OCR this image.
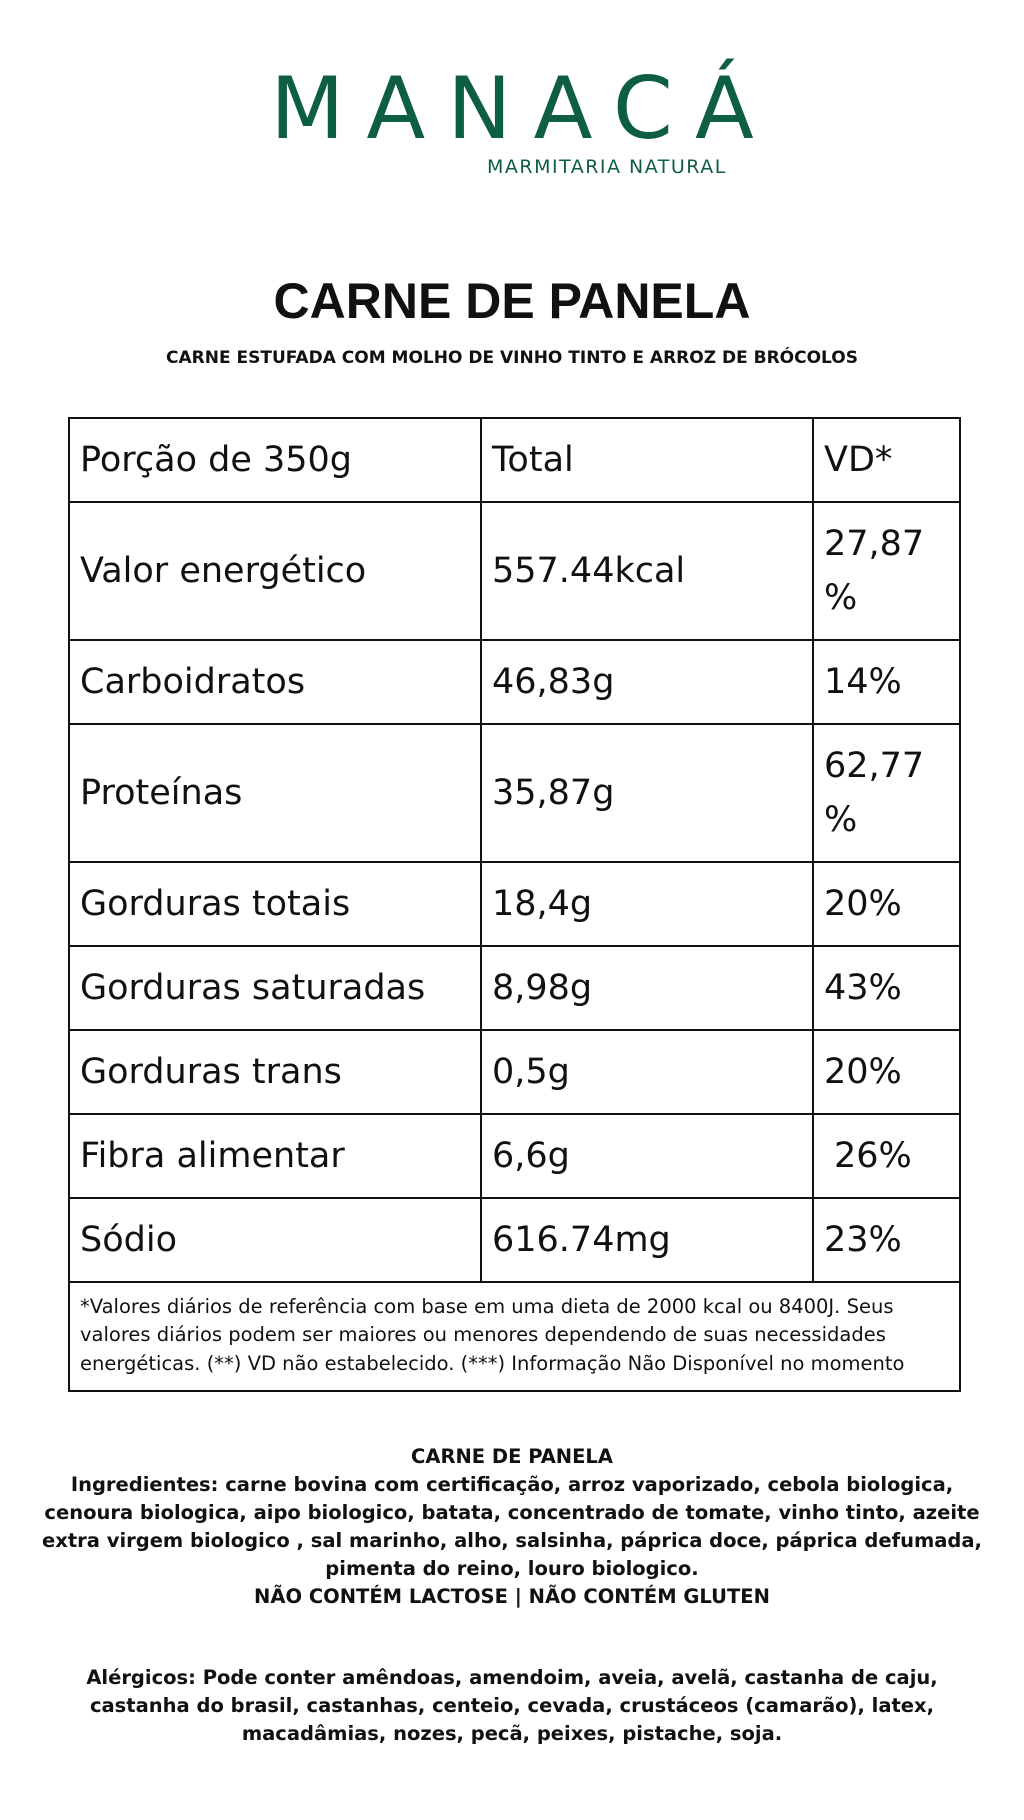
MANACÁ
MARMITARIA NATURAL
CARNE DE PANELA
CARNE ESTUFADA COM MOLHO DE VINHO TINTO E ARROZ DE BRÓCOLOS
Porção de 350g	Total	VD*
Valor energético	557.44kcal	27,87 %
Carboidratos	46,83g	14%
Proteínas	35,87g	62,77 %
Gorduras totais	18,4g	20%
Gorduras saturadas	8,98g	43%
Gorduras trans	0,5g	20%
Fibra alimentar	6,6g	26%
Sódio	616.74mg	23%
*Valores diários de referência com base em uma dieta de 2000 kcal ou 8400J. Seus valores diários podem ser maiores ou menores dependendo de suas necessidades energéticas. (**) VD não estabelecido. (***) Informação Não Disponível no momento		

CARNE DE PANELA

Ingredientes: carne bovina com certificação, arroz vaporizado, cebola biologica, cenoura biologica, aipo biologico, batata, concentrado de tomate, vinho tinto, azeite extra virgem biologico , sal marinho, alho, salsinha, páprica doce, páprica defumada, pimenta do reino, louro biologico.

NÃO CONTÉM LACTOSE | NÃO CONTÉM GLUTEN

Alérgicos: Pode conter amêndoas, amendoim, aveia, avelã, castanha de caju, castanha do brasil, castanhas, centeio, cevada, crustáceos (camarão), latex, macadâmias, nozes, pecã, peixes, pistache, soja.
